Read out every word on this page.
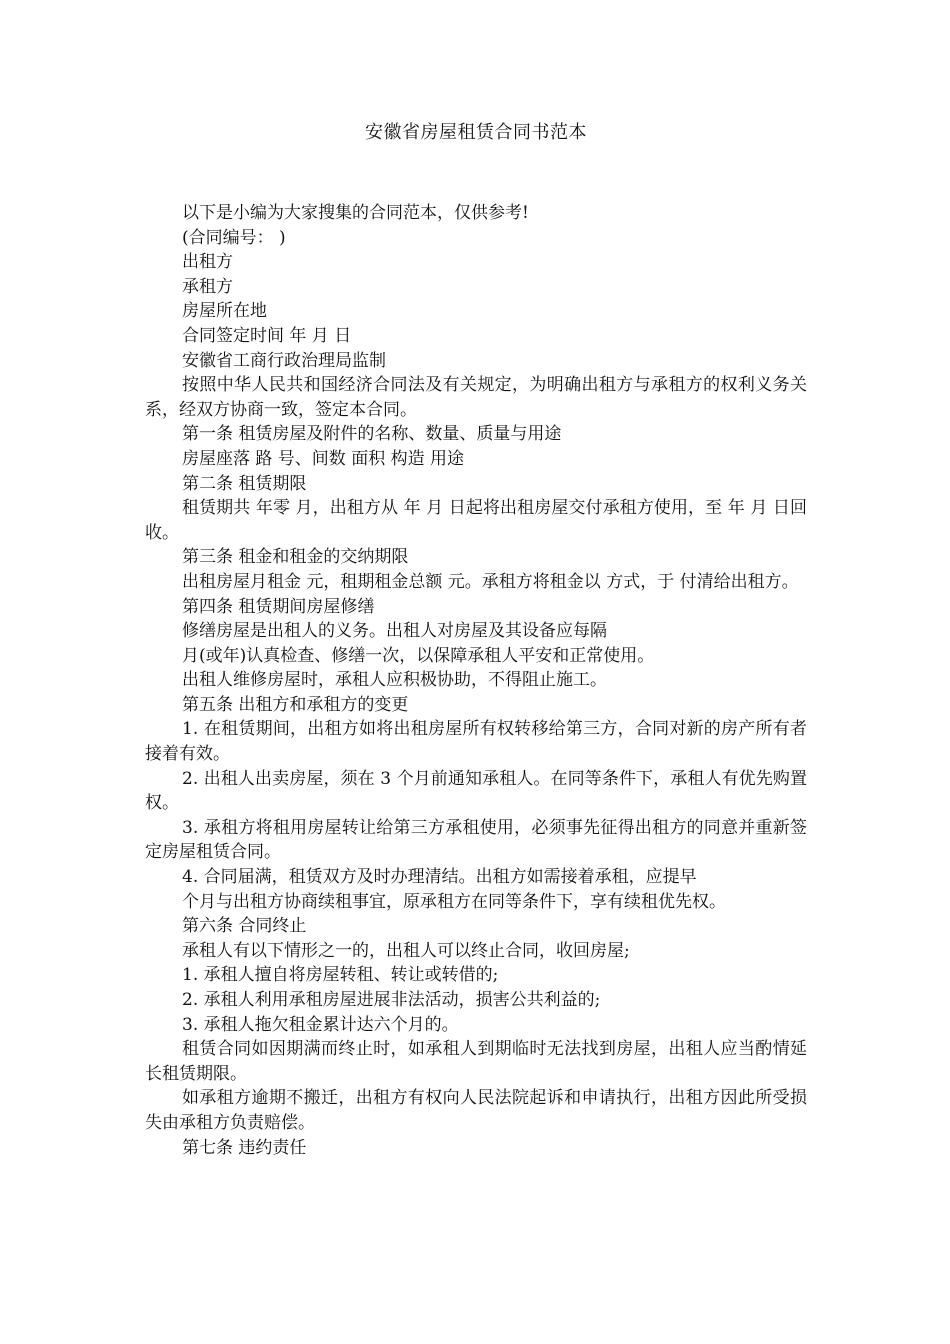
安徽省房屋租赁合同书范本

以下是小编为大家搜集的合同范本，仅供参考!

(合同编号： )

出租方

承租方

房屋所在地

合同签定时间 年 月 日

安徽省工商行政治理局监制

按照中华人民共和国经济合同法及有关规定，为明确出租方与承租方的权利义务关系，经双方协商一致，签定本合同。

第一条 租赁房屋及附件的名称、数量、质量与用途

房屋座落 路 号、间数 面积 构造 用途

第二条 租赁期限

租赁期共 年零 月，出租方从 年 月 日起将出租房屋交付承租方使用，至 年 月 日回收。

第三条 租金和租金的交纳期限

出租房屋月租金 元，租期租金总额 元。承租方将租金以 方式，于 付清给出租方。

第四条 租赁期间房屋修缮

修缮房屋是出租人的义务。出租人对房屋及其设备应每隔

月(或年)认真检查、修缮一次，以保障承租人平安和正常使用。

出租人维修房屋时，承租人应积极协助，不得阻止施工。

第五条 出租方和承租方的变更

1. 在租赁期间，出租方如将出租房屋所有权转移给第三方，合同对新的房产所有者接着有效。

2. 出租人出卖房屋，须在 3 个月前通知承租人。在同等条件下，承租人有优先购置权。

3. 承租方将租用房屋转让给第三方承租使用，必须事先征得出租方的同意并重新签定房屋租赁合同。

4. 合同届满，租赁双方及时办理清结。出租方如需接着承租，应提早

个月与出租方协商续租事宜，原承租方在同等条件下，享有续租优先权。

第六条 合同终止

承租人有以下情形之一的，出租人可以终止合同，收回房屋;

1. 承租人擅自将房屋转租、转让或转借的;

2. 承租人利用承租房屋进展非法活动，损害公共利益的;

3. 承租人拖欠租金累计达六个月的。

租赁合同如因期满而终止时，如承租人到期临时无法找到房屋，出租人应当酌情延长租赁期限。

如承租方逾期不搬迁，出租方有权向人民法院起诉和申请执行，出租方因此所受损失由承租方负责赔偿。

第七条 违约责任
